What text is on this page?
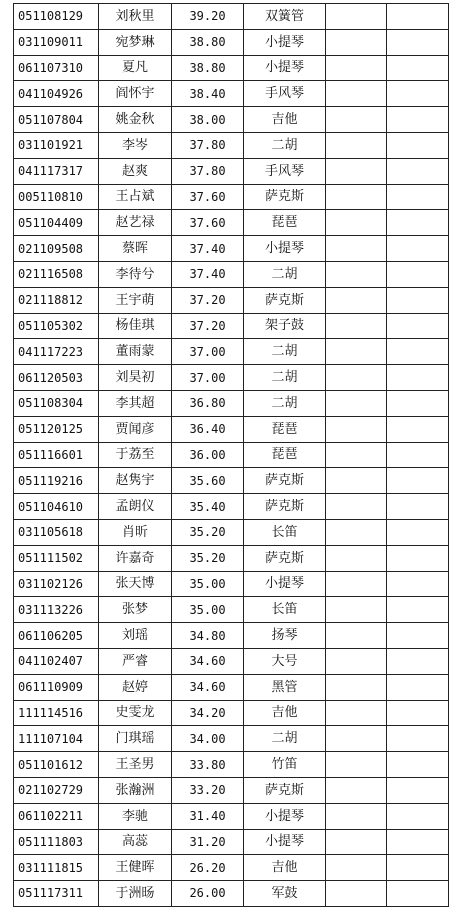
051108129	刘秋里	39.20	双簧管		
031109011	宛梦琳	38.80	小提琴		
061107310	夏凡	38.80	小提琴		
041104926	阎怀宇	38.40	手风琴		
051107804	姚金秋	38.00	吉他		
031101921	李岑	37.80	二胡		
041117317	赵爽	37.80	手风琴		
005110810	王占斌	37.60	萨克斯		
051104409	赵艺禄	37.60	琵琶		
021109508	蔡晖	37.40	小提琴		
021116508	李待兮	37.40	二胡		
021118812	王宇萌	37.20	萨克斯		
051105302	杨佳琪	37.20	架子鼓		
041117223	董雨蒙	37.00	二胡		
061120503	刘昊初	37.00	二胡		
051108304	李其超	36.80	二胡		
051120125	贾闻彦	36.40	琵琶		
051116601	于荔至	36.00	琵琶		
051119216	赵隽宇	35.60	萨克斯		
051104610	孟朗仪	35.40	萨克斯		
031105618	肖昕	35.20	长笛		
051111502	许嘉奇	35.20	萨克斯		
031102126	张天博	35.00	小提琴		
031113226	张梦	35.00	长笛		
061106205	刘瑶	34.80	扬琴		
041102407	严睿	34.60	大号		
061110909	赵婷	34.60	黑管		
111114516	史雯龙	34.20	吉他		
111107104	门琪瑶	34.00	二胡		
051101612	王圣男	33.80	竹笛		
021102729	张瀚洲	33.20	萨克斯		
061102211	李驰	31.40	小提琴		
051111803	高蕊	31.20	小提琴		
031111815	王健晖	26.20	吉他		
051117311	于洲旸	26.00	军鼓		
